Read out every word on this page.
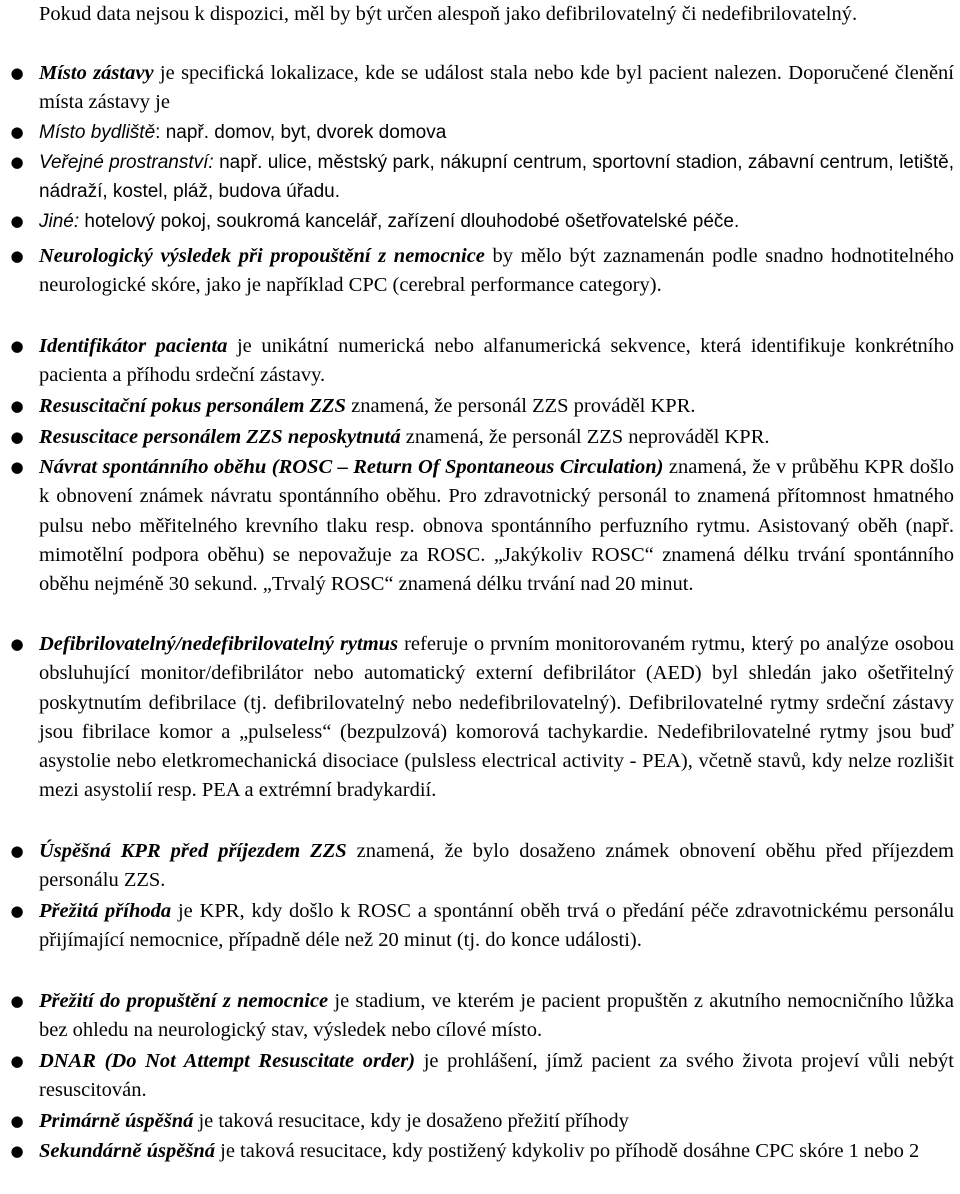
Pokud data nejsou k dispozici, měl by být určen alespoň jako defibrilovatelný či nedefibrilovatelný.

● Místo zástavy je specifická lokalizace, kde se událost stala nebo kde byl pacient nalezen. Doporučené členění místa zástavy je

● Místo bydliště: např. domov, byt, dvorek domova

● Veřejné prostranství: např. ulice, městský park, nákupní centrum, sportovní stadion, zábavní centrum, letiště, nádraží, kostel, pláž, budova úřadu.

● Jiné: hotelový pokoj, soukromá kancelář, zařízení dlouhodobé ošetřovatelské péče.

● Neurologický výsledek při propouštění z nemocnice by mělo být zaznamenán podle snadno hodnotitelného neurologické skóre, jako je například CPC (cerebral performance category).

● Identifikátor pacienta je unikátní numerická nebo alfanumerická sekvence, která identifikuje konkrétního pacienta a příhodu srdeční zástavy.

● Resuscitační pokus personálem ZZS znamená, že personál ZZS prováděl KPR.

● Resuscitace personálem ZZS neposkytnutá znamená, že personál ZZS neprováděl KPR.

● Návrat spontánního oběhu (ROSC – Return Of Spontaneous Circulation) znamená, že v průběhu KPR došlo k obnovení známek návratu spontánního oběhu. Pro zdravotnický personál to znamená přítomnost hmatného pulsu nebo měřitelného krevního tlaku resp. obnova spontánního perfuzního rytmu. Asistovaný oběh (např. mimotělní podpora oběhu) se nepovažuje za ROSC. „Jakýkoliv ROSC“ znamená délku trvání spontánního oběhu nejméně 30 sekund. „Trvalý ROSC“ znamená délku trvání nad 20 minut.

● Defibrilovatelný/nedefibrilovatelný rytmus referuje o prvním monitorovaném rytmu, který po analýze osobou obsluhující monitor/defibrilátor nebo automatický externí defibrilátor (AED) byl shledán jako ošetřitelný poskytnutím defibrilace (tj. defibrilovatelný nebo nedefibrilovatelný). Defibrilovatelné rytmy srdeční zástavy jsou fibrilace komor a „pulseless“ (bezpulzová) komorová tachykardie. Nedefibrilovatelné rytmy jsou buď asystolie nebo eletkromechanická disociace (pulsless electrical activity - PEA), včetně stavů, kdy nelze rozlišit mezi asystolií resp. PEA a extrémní bradykardií.

● Úspěšná KPR před příjezdem ZZS znamená, že bylo dosaženo známek obnovení oběhu před příjezdem personálu ZZS.

● Přežitá příhoda je KPR, kdy došlo k ROSC a spontánní oběh trvá o předání péče zdravotnickému personálu přijímající nemocnice, případně déle než 20 minut (tj. do konce události).

● Přežití do propuštění z nemocnice je stadium, ve kterém je pacient propuštěn z akutního nemocničního lůžka bez ohledu na neurologický stav, výsledek nebo cílové místo.

● DNAR (Do Not Attempt Resuscitate order) je prohlášení, jímž pacient za svého života projeví vůli nebýt resuscitován.

● Primárně úspěšná je taková resucitace, kdy je dosaženo přežití příhody

● Sekundárně úspěšná je taková resucitace, kdy postižený kdykoliv po příhodě dosáhne CPC skóre 1 nebo 2
